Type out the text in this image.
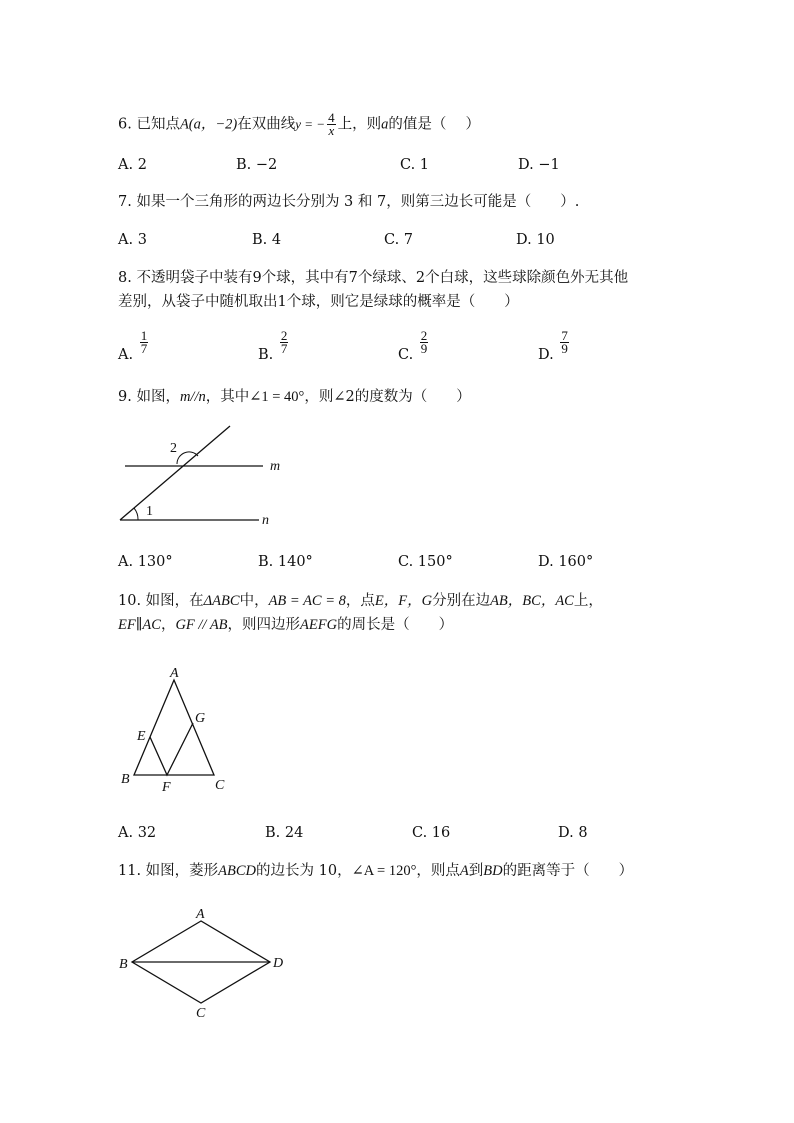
6. 已知点A(a，−2)在双曲线y = − $\frac{4}{x}$ 上，则a的值是（　 ）
A. 2	B. −2	C. 1	D. −1
7. 如果一个三角形的两边长分别为 3 和 7，则第三边长可能是（　　）.
A. 3	B. 4	C. 7	D. 10
8. 不透明袋子中装有9个球，其中有7个绿球、2个白球，这些球除颜色外无其他
差别，从袋子中随机取出1个球，则它是绿球的概率是（　　）
A. $\frac{1}{7}$	B. $\frac{2}{7}$	C. $\frac{2}{9}$	D. $\frac{7}{9}$
9. 如图，m//n，其中∠1 = 40°，则∠2的度数为（　　）
2
1
m
n
A. 130°	B. 140°	C. 150°	D. 160°
10. 如图，在ΔABC中，AB = AC = 8，点E，F，G分别在边AB，BC，AC上，
EF∥AC，GF // AB，则四边形AEFG的周长是（　　）
A
G
E
B
F	C
A. 32	B. 24	C. 16	D. 8
11. 如图，菱形ABCD的边长为 10，∠A = 120°，则点A到BD的距离等于（　　）
A
B	D
C
